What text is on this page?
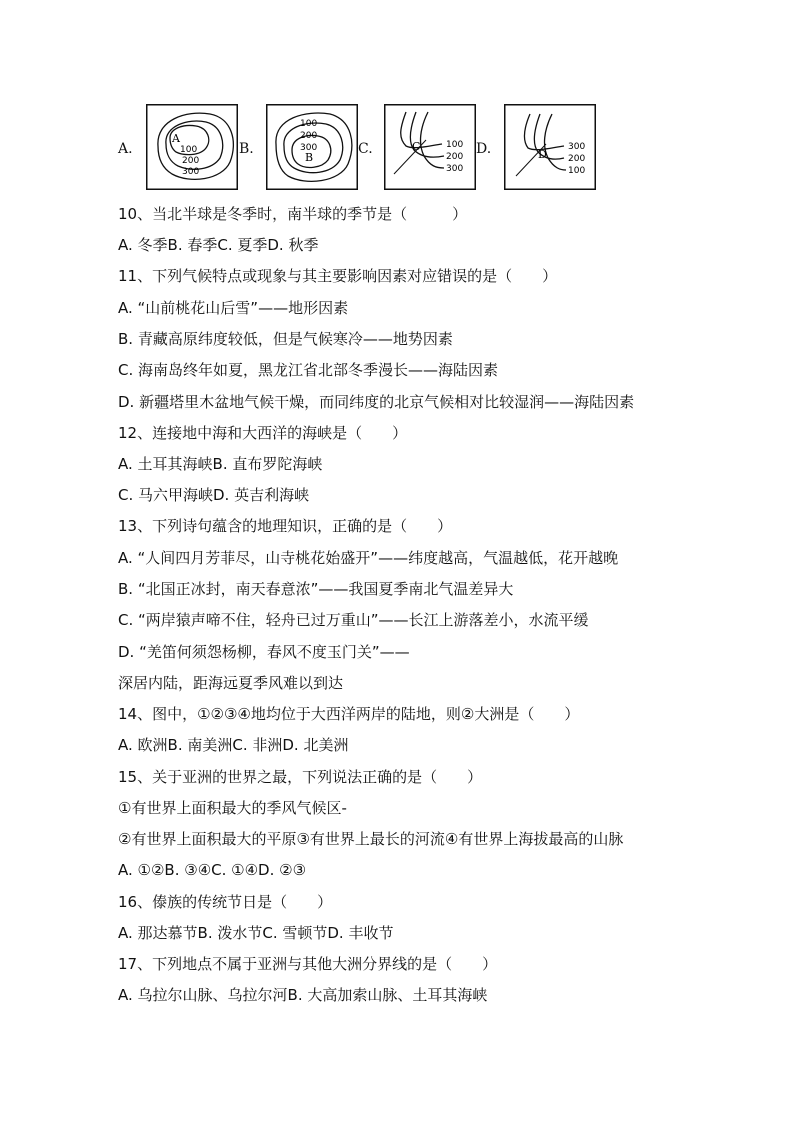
A.
A
100
200
300
B.
100
200
300
B
C.	C	100
200
300
D.	D
300
200
100
10、当北半球是冬季时，南半球的季节是（　　　）
A. 冬季B. 春季C. 夏季D. 秋季
11、下列气候特点或现象与其主要影响因素对应错误的是（　　）
A. “山前桃花山后雪”——地形因素
B. 青藏高原纬度较低，但是气候寒冷——地势因素
C. 海南岛终年如夏，黑龙江省北部冬季漫长——海陆因素
D. 新疆塔里木盆地气候干燥，而同纬度的北京气候相对比较湿润——海陆因素
12、连接地中海和大西洋的海峡是（　　）
A. 土耳其海峡B. 直布罗陀海峡
C. 马六甲海峡D. 英吉利海峡
13、下列诗句蕴含的地理知识，正确的是（　　）
A. “人间四月芳菲尽，山寺桃花始盛开”——纬度越高，气温越低，花开越晚
B. “北国正冰封，南天春意浓”——我国夏季南北气温差异大
C. “两岸猿声啼不住，轻舟已过万重山”——长江上游落差小，水流平缓
D. “羌笛何须怨杨柳，春风不度玉门关”——
深居内陆，距海远夏季风难以到达
14、图中，①②③④地均位于大西洋两岸的陆地，则②大洲是（　　）
A. 欧洲B. 南美洲C. 非洲D. 北美洲
15、关于亚洲的世界之最，下列说法正确的是（　　）
①有世界上面积最大的季风气候区-
②有世界上面积最大的平原③有世界上最长的河流④有世界上海拔最高的山脉
A. ①②B. ③④C. ①④D. ②③
16、傣族的传统节日是（　　）
A. 那达慕节B. 泼水节C. 雪顿节D. 丰收节
17、下列地点不属于亚洲与其他大洲分界线的是（　　）
A. 乌拉尔山脉、乌拉尔河B. 大高加索山脉、土耳其海峡
